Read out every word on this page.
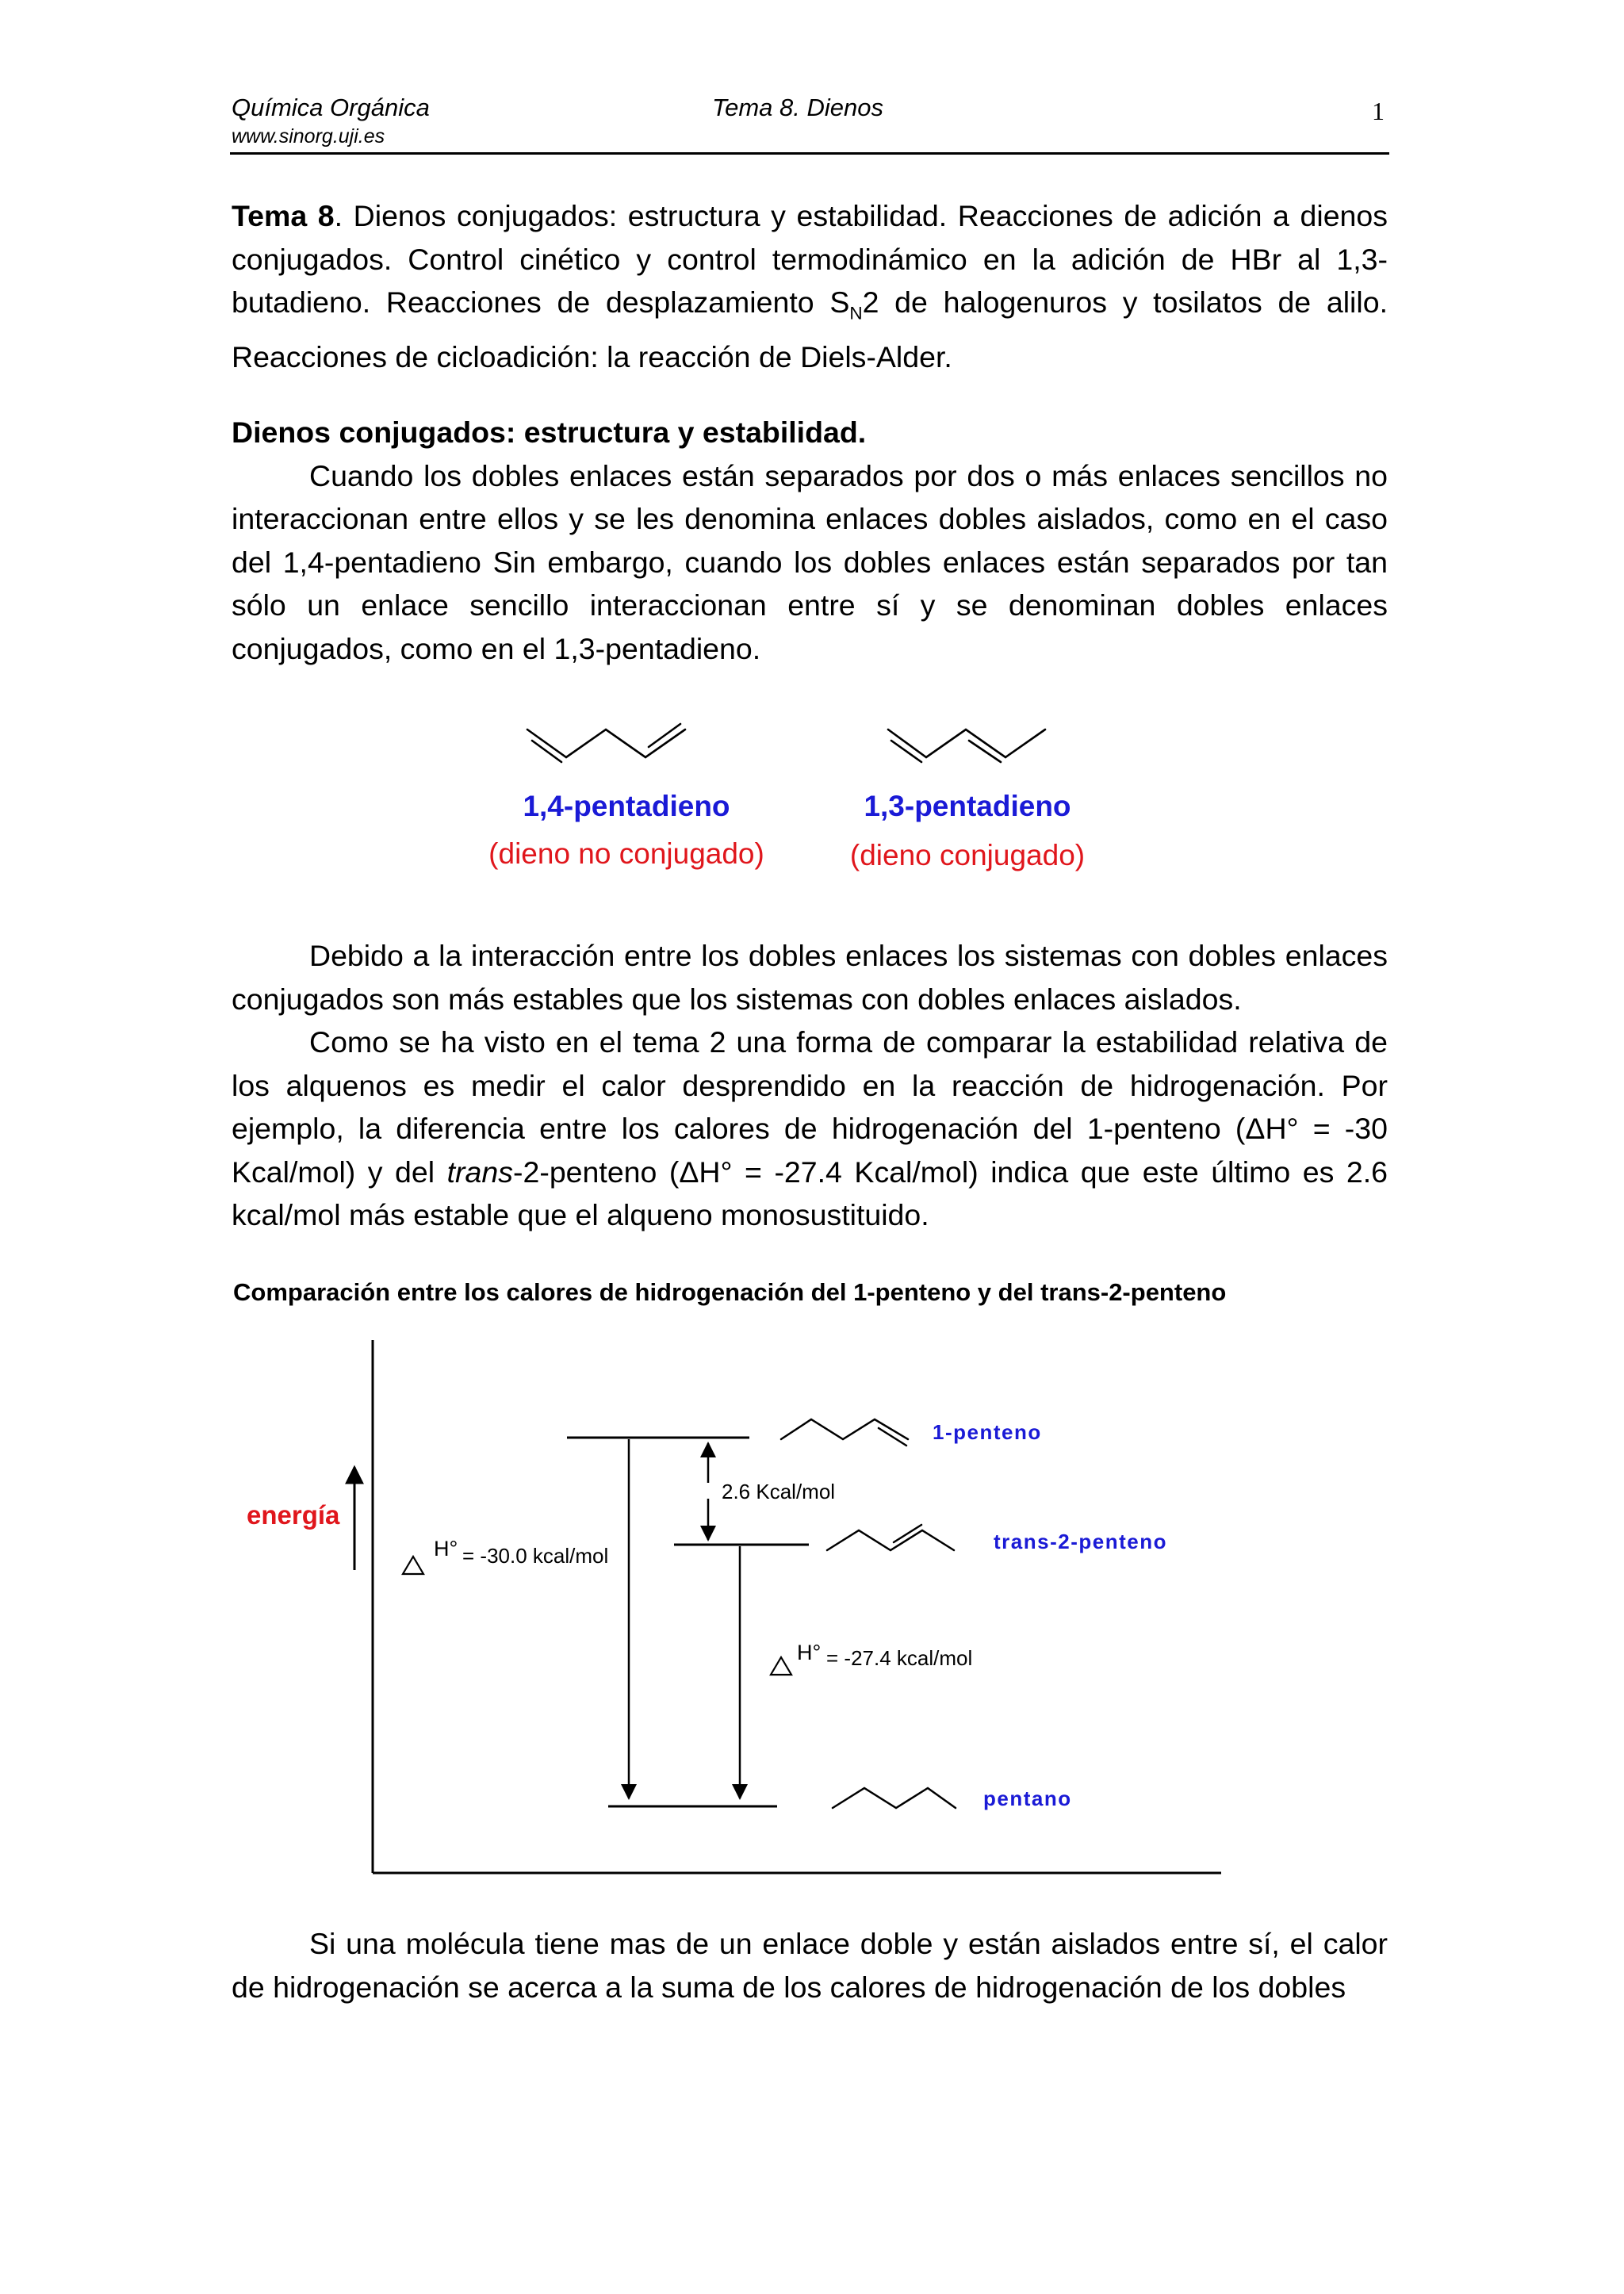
Química Orgánica
www.sinorg.uji.es
Tema 8. Dienos	1

Tema 8. Dienos conjugados: estructura y estabilidad. Reacciones de adición a dienos conjugados. Control cinético y control termodinámico en la adición de HBr al 1,3-butadieno. Reacciones de desplazamiento $S_N2$ de halogenuros y tosilatos de alilo. Reacciones de cicloadición: la reacción de Diels-Alder.

Dienos conjugados: estructura y estabilidad.

Cuando los dobles enlaces están separados por dos o más enlaces sencillos no interaccionan entre ellos y se les denomina enlaces dobles aislados, como en el caso del 1,4-pentadieno Sin embargo, cuando los dobles enlaces están separados por tan sólo un enlace sencillo interaccionan entre sí y se denominan dobles enlaces conjugados, como en el 1,3-pentadieno.

1,4-pentadieno
(dieno no conjugado)
1,3-pentadieno
(dieno conjugado)

Debido a la interacción entre los dobles enlaces los sistemas con dobles enlaces conjugados son más estables que los sistemas con dobles enlaces aislados.

Como se ha visto en el tema 2 una forma de comparar la estabilidad relativa de los alquenos es medir el calor desprendido en la reacción de hidrogenación. Por ejemplo, la diferencia entre los calores de hidrogenación del 1-penteno (ΔH° = -30 Kcal/mol) y del trans-2-penteno (ΔH° = -27.4 Kcal/mol) indica que este último es 2.6 kcal/mol más estable que el alqueno monosustituido.

Comparación entre los calores de hidrogenación del 1-penteno y del trans-2-penteno
energía
1-penteno
trans-2-penteno
pentano
2.6 Kcal/mol
H° = -30.0 kcal/mol
H° = -27.4 kcal/mol

Si una molécula tiene mas de un enlace doble y están aislados entre sí, el calor de hidrogenación se acerca a la suma de los calores de hidrogenación de los dobles
